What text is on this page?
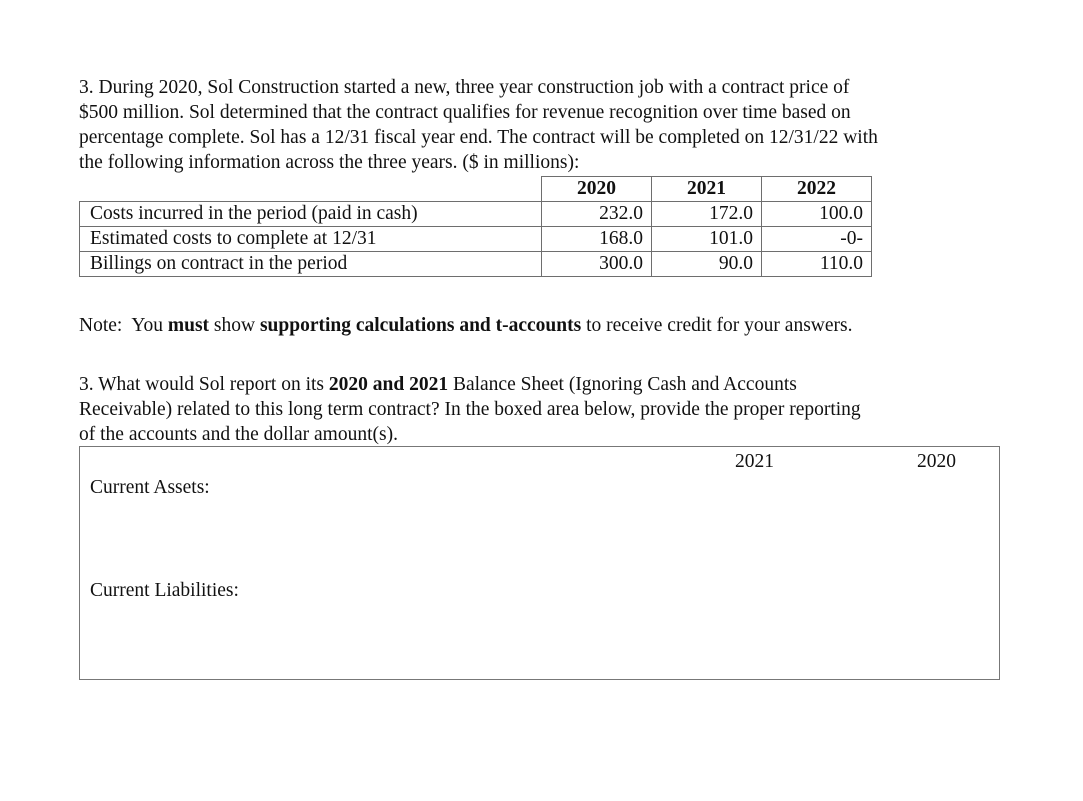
3. During 2020, Sol Construction started a new, three year construction job with a contract price of
$500 million. Sol determined that the contract qualifies for revenue recognition over time based on
percentage complete. Sol has a 12/31 fiscal year end. The contract will be completed on 12/31/22 with
the following information across the three years. ($ in millions):
	2020	2021	2022
Costs incurred in the period (paid in cash)	232.0	172.0	100.0
Estimated costs to complete at 12/31	168.0	101.0	-0-
Billings on contract in the period	300.0	90.0	110.0

Note:  You must show supporting calculations and t-accounts to receive credit for your answers.

3. What would Sol report on its 2020 and 2021 Balance Sheet (Ignoring Cash and Accounts
Receivable) related to this long term contract? In the boxed area below, provide the proper reporting
of the accounts and the dollar amount(s).
2021	2020
Current Assets:
Current Liabilities:
